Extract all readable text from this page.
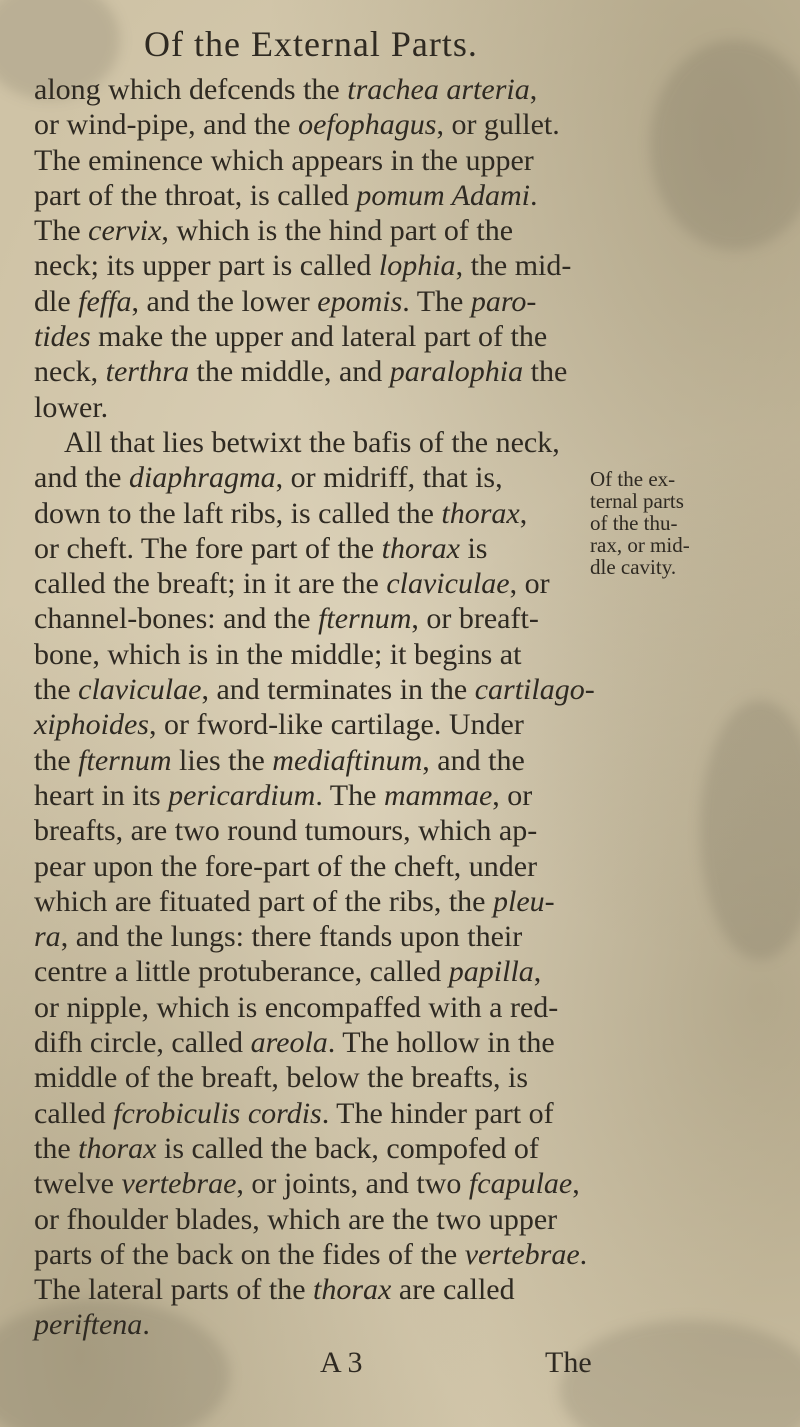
Of the External Parts.
along which defcends the trachea arteria,
or wind-pipe, and the oefophagus, or gullet.
The eminence which appears in the upper
part of the throat, is called pomum Adami.
The cervix, which is the hind part of the
neck; its upper part is called lophia, the mid-
dle feffa, and the lower epomis. The paro-
tides make the upper and lateral part of the
neck, terthra the middle, and paralophia the
lower.
All that lies betwixt the bafis of the neck,
and the diaphragma, or midriff, that is,
down to the laft ribs, is called the thorax,
or cheft. The fore part of the thorax is
called the breaft; in it are the claviculae, or
channel-bones: and the fternum, or breaft-
bone, which is in the middle; it begins at
the claviculae, and terminates in the cartilago-
xiphoides, or fword-like cartilage. Under
the fternum lies the mediaftinum, and the
heart in its pericardium. The mammae, or
breafts, are two round tumours, which ap-
pear upon the fore-part of the cheft, under
which are fituated part of the ribs, the pleu-
ra, and the lungs: there ftands upon their
centre a little protuberance, called papilla,
or nipple, which is encompaffed with a red-
difh circle, called areola. The hollow in the
middle of the breaft, below the breafts, is
called fcrobiculis cordis. The hinder part of
the thorax is called the back, compofed of
twelve vertebrae, or joints, and two fcapulae,
or fhoulder blades, which are the two upper
parts of the back on the fides of the vertebrae.
The lateral parts of the thorax are called
periftena.
Of the ex-
ternal parts
of the thu-
rax, or mid-
dle cavity.
A 3	The
